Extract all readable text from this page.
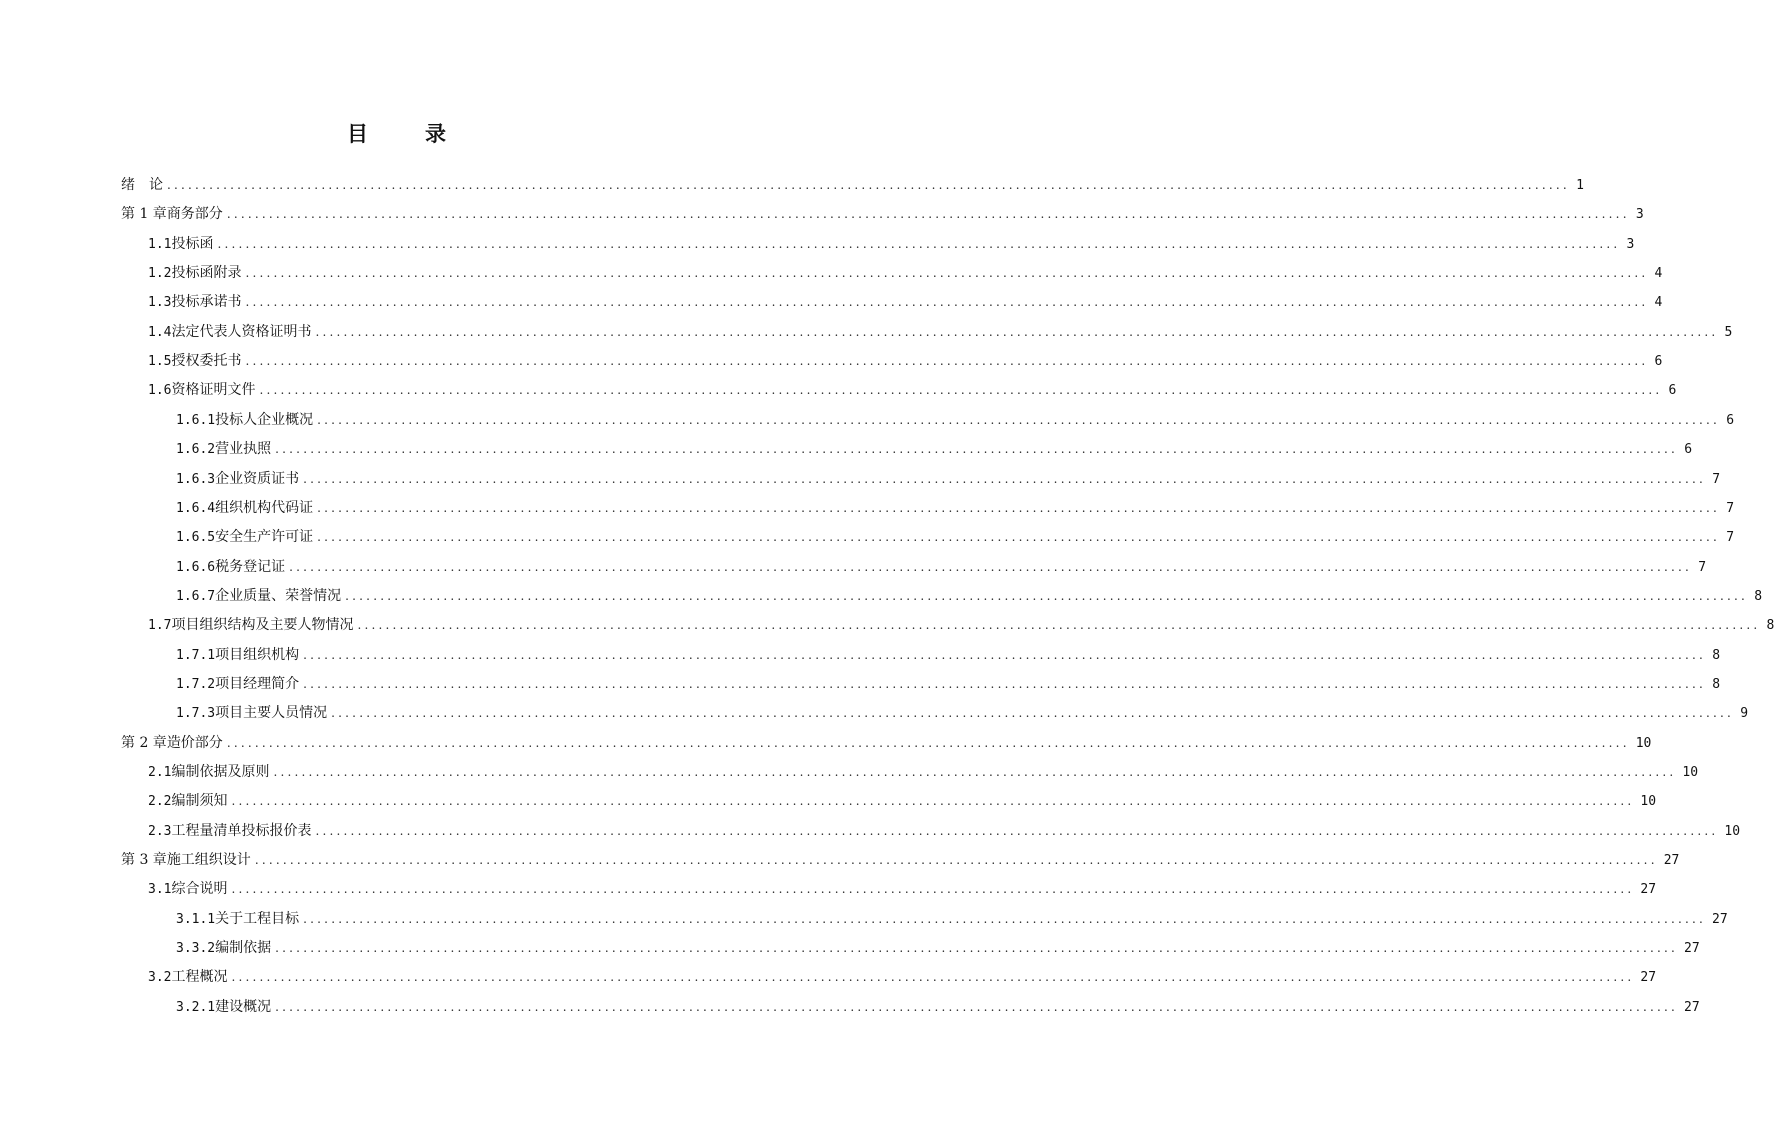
目　录
绪　论 ........................................................................................................................................................................................................ 1
第 1 章 商务部分 ........................................................................................................................................................................................................ 3
1.1 投标函 ........................................................................................................................................................................................................ 3
1.2 投标函附录 ........................................................................................................................................................................................................ 4
1.3 投标承诺书 ........................................................................................................................................................................................................ 4
1.4 法定代表人资格证明书 ........................................................................................................................................................................................................ 5
1.5 授权委托书 ........................................................................................................................................................................................................ 6
1.6 资格证明文件 ........................................................................................................................................................................................................ 6
1.6.1 投标人企业概况 ........................................................................................................................................................................................................ 6
1.6.2 营业执照 ........................................................................................................................................................................................................ 6
1.6.3 企业资质证书 ........................................................................................................................................................................................................ 7
1.6.4 组织机构代码证 ........................................................................................................................................................................................................ 7
1.6.5 安全生产许可证 ........................................................................................................................................................................................................ 7
1.6.6 税务登记证 ........................................................................................................................................................................................................ 7
1.6.7 企业质量、荣誉情况 ........................................................................................................................................................................................................ 8
1.7 项目组织结构及主要人物情况 ........................................................................................................................................................................................................ 8
1.7.1 项目组织机构 ........................................................................................................................................................................................................ 8
1.7.2 项目经理简介 ........................................................................................................................................................................................................ 8
1.7.3 项目主要人员情况 ........................................................................................................................................................................................................ 9
第 2 章 造价部分 ........................................................................................................................................................................................................ 10
2.1 编制依据及原则 ........................................................................................................................................................................................................ 10
2.2 编制须知 ........................................................................................................................................................................................................ 10
2.3 工程量清单投标报价表 ........................................................................................................................................................................................................ 10
第 3 章 施工组织设计 ........................................................................................................................................................................................................ 27
3.1 综合说明 ........................................................................................................................................................................................................ 27
3.1.1 关于工程目标 ........................................................................................................................................................................................................ 27
3.3.2 编制依据 ........................................................................................................................................................................................................ 27
3.2 工程概况 ........................................................................................................................................................................................................ 27
3.2.1 建设概况 ........................................................................................................................................................................................................ 27
